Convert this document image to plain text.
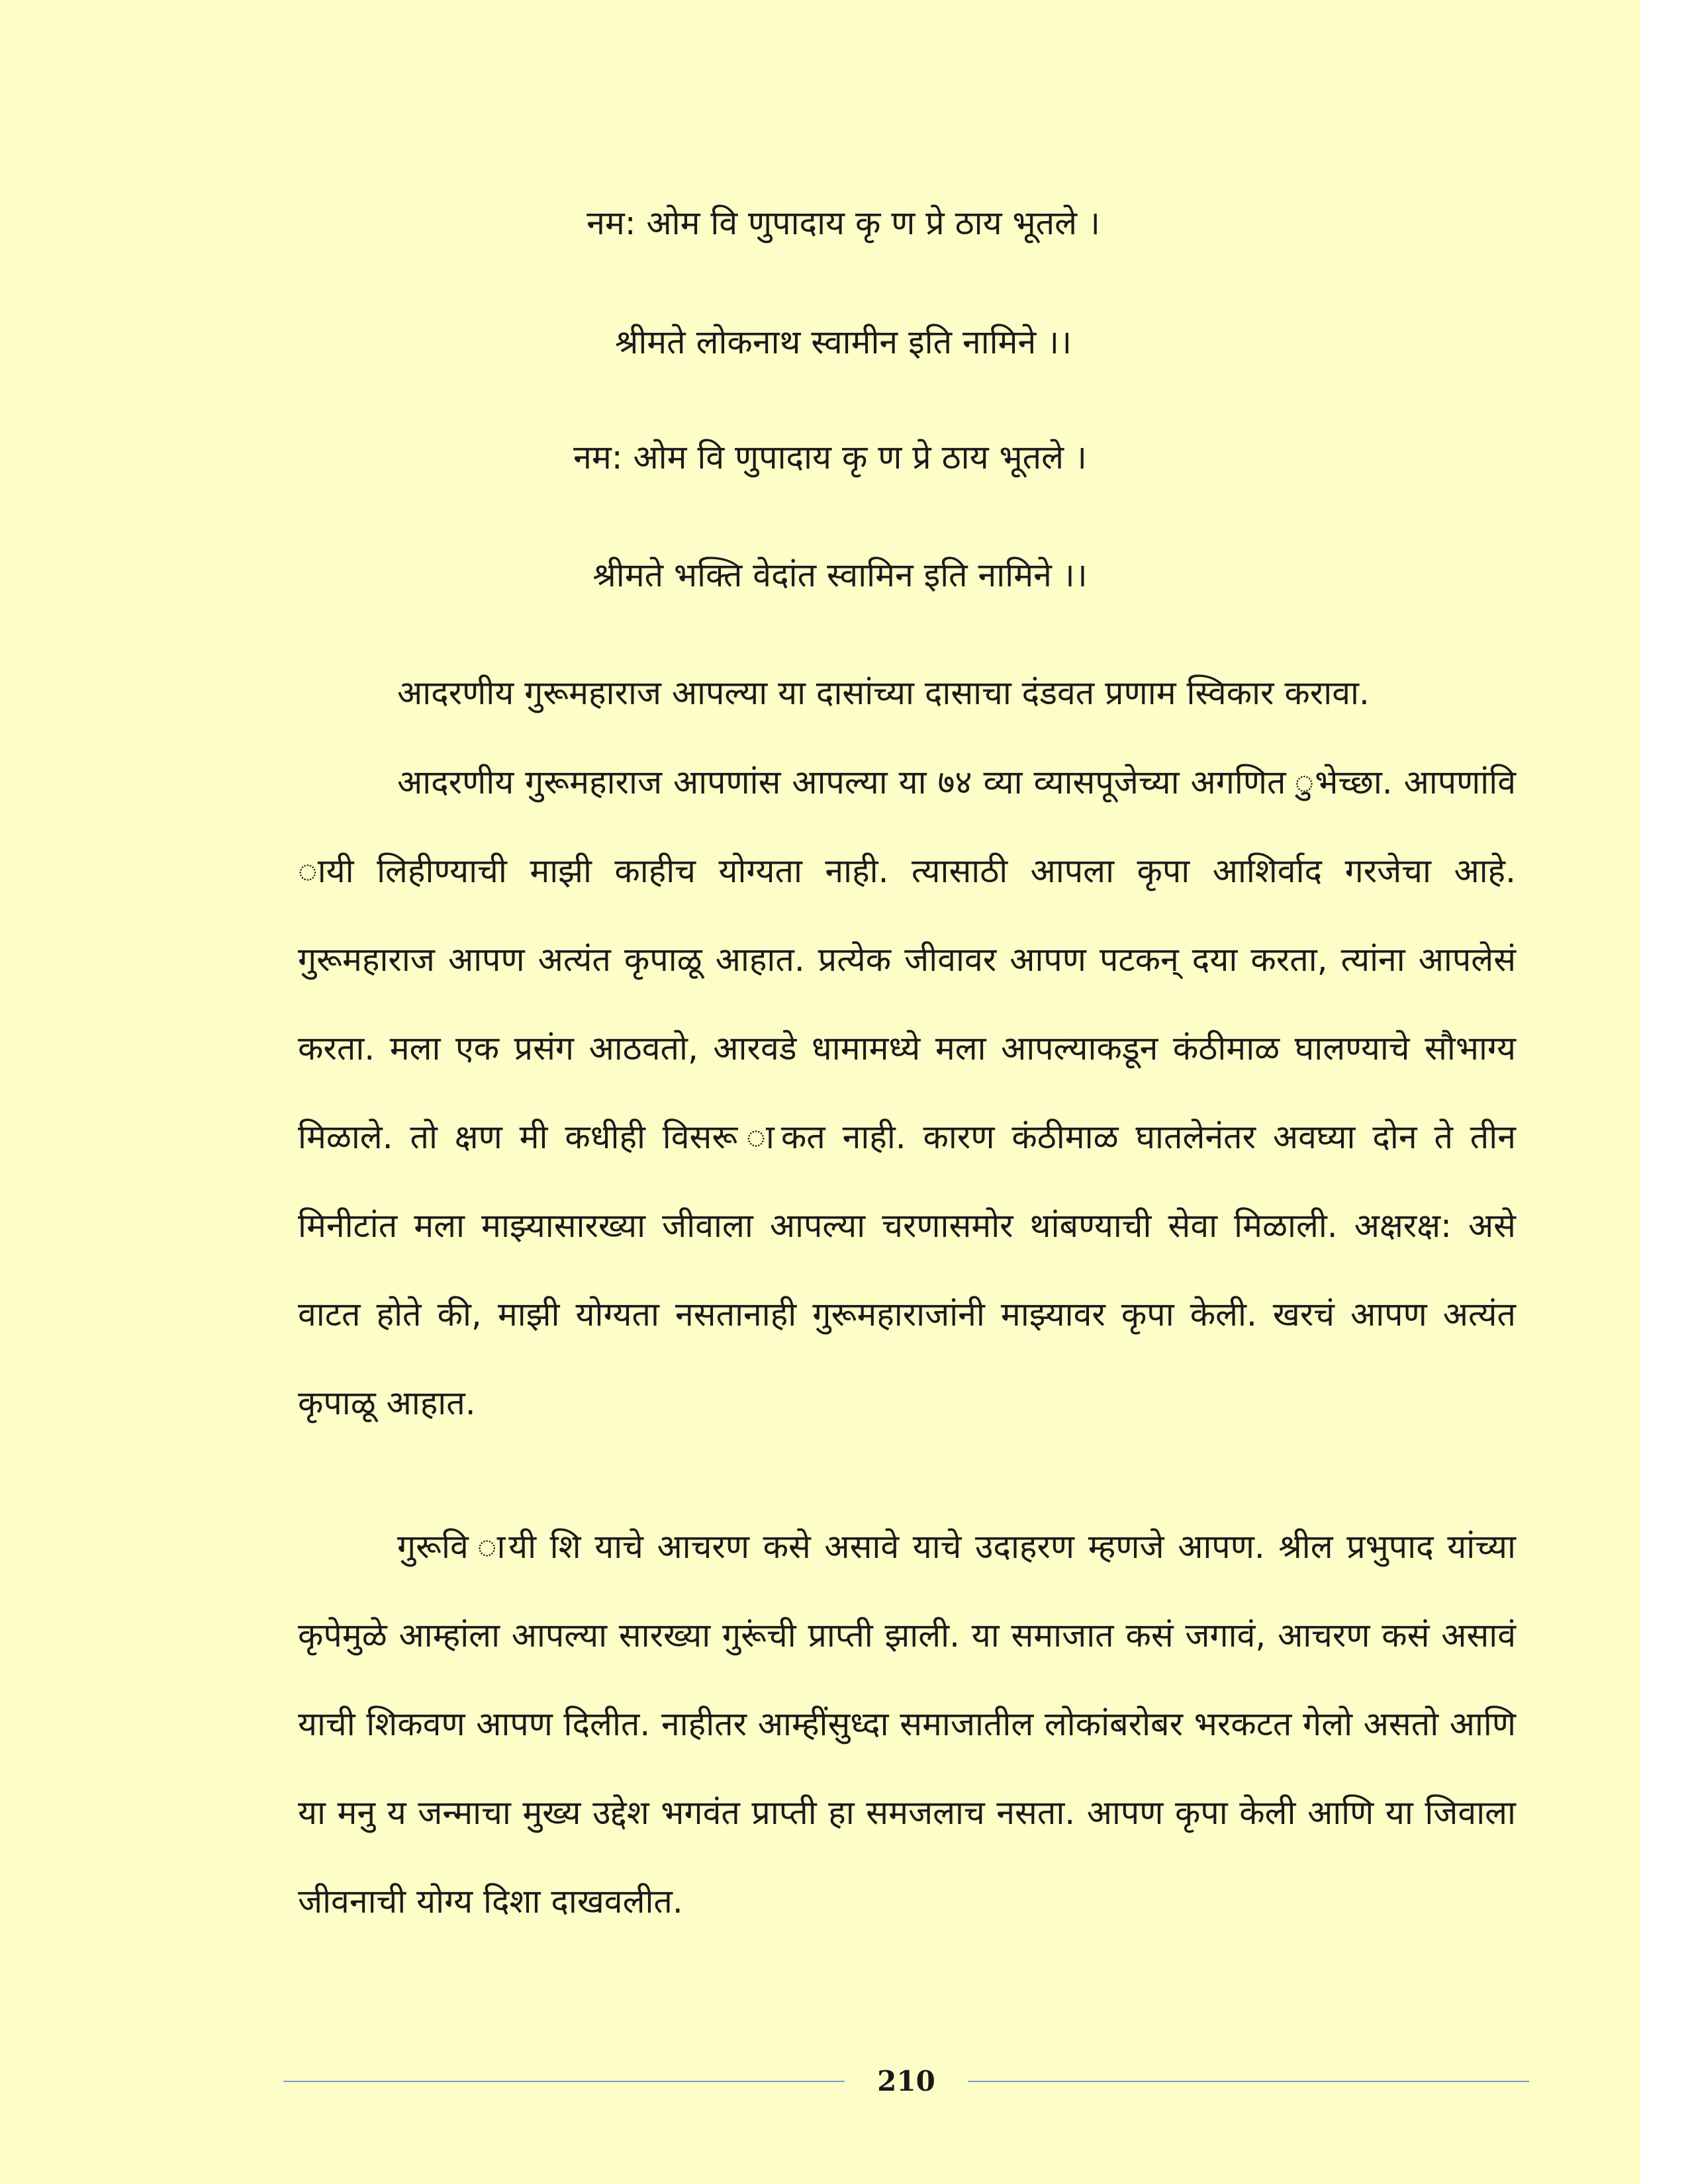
नम: ओम वि णुपादाय कृ ण प्रे ठाय भूतले ।
श्रीमते लोकनाथ स्वामीन इति नामिने ।।
नम: ओम वि णुपादाय कृ ण प्रे ठाय भूतले ।
श्रीमते भक्ति वेदांत स्वामिन इति नामिने ।।
आदरणीय गुरूमहाराज आपल्या या दासांच्या दासाचा दंडवत प्रणाम स्विकार करावा.

आदरणीय गुरूमहाराज आपणांस आपल्या या ७४ व्या व्यासपूजेच्या अगणित ुभेच्छा. आपणांवि ायी लिहीण्याची माझी काहीच योग्यता नाही. त्यासाठी आपला कृपा आशिर्वाद गरजेचा आहे. गुरूमहाराज आपण अत्यंत कृपाळू आहात. प्रत्येक जीवावर आपण पटकन् दया करता, त्यांना आपलेसं करता. मला एक प्रसंग आठवतो, आरवडे धामामध्ये मला आपल्याकडून कंठीमाळ घालण्याचे सौभाग्य मिळाले. तो क्षण मी कधीही विसरू ाकत नाही. कारण कंठीमाळ घातलेनंतर अवघ्या दोन ते तीन मिनीटांत मला माझ्यासारख्या जीवाला आपल्या चरणासमोर थांबण्याची सेवा मिळाली. अक्षरक्ष: असे वाटत होते की, माझी योग्यता नसतानाही गुरूमहाराजांनी माझ्यावर कृपा केली. खरचं आपण अत्यंत कृपाळू आहात.

गुरूवि ायी शि याचे आचरण कसे असावे याचे उदाहरण म्हणजे आपण. श्रील प्रभुपाद यांच्या कृपेमुळे आम्हांला आपल्या सारख्या गुरूंची प्राप्ती झाली. या समाजात कसं जगावं, आचरण कसं असावं याची शिकवण आपण दिलीत. नाहीतर आम्हींसुध्दा समाजातील लोकांबरोबर भरकटत गेलो असतो आणि या मनु य जन्माचा मुख्य उद्देश भगवंत प्राप्ती हा समजलाच नसता. आपण कृपा केली आणि या जिवाला जीवनाची योग्य दिशा दाखवलीत.

210
